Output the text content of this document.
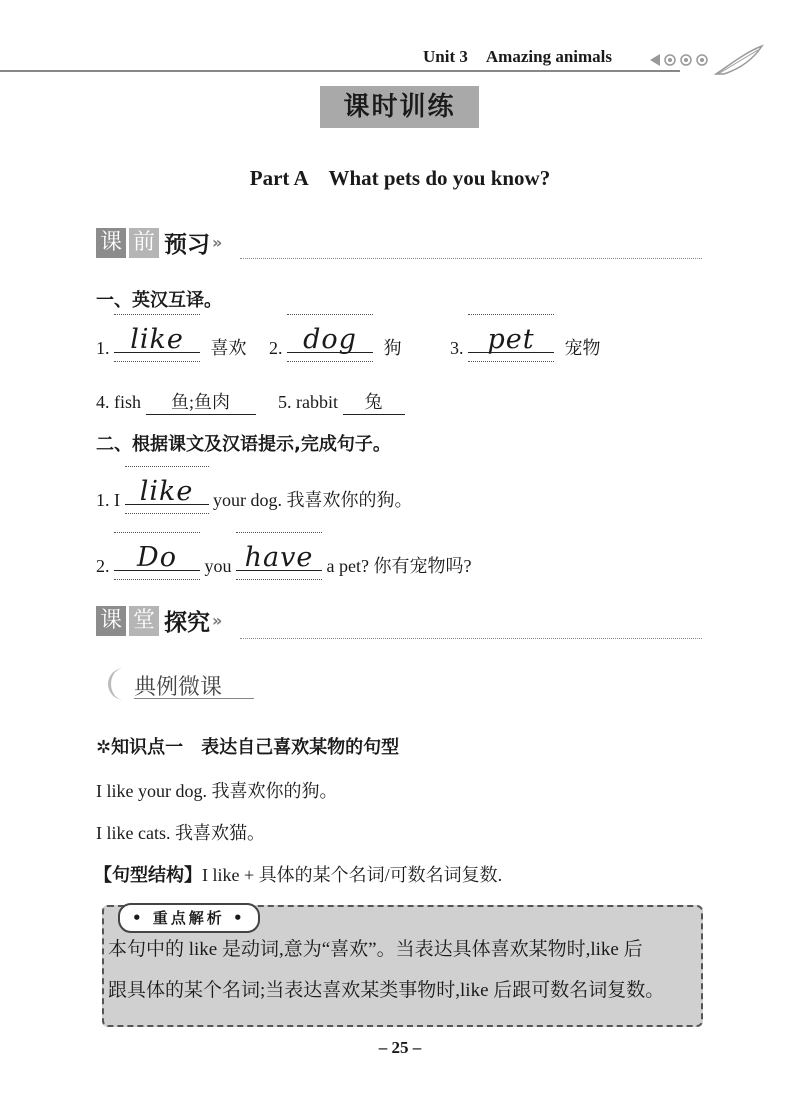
Unit 3 Amazing animals
课时训练
Part A　What pets do you know?
课 前 预习 »
一、英汉互译。
1. like 喜欢 2. dog 狗	3. pet 宠物
4. fish 鱼;鱼肉	5. rabbit 兔
二、根据课文及汉语提示,完成句子。
1. I like your dog. 我喜欢你的狗。
2. Do you have a pet? 你有宠物吗?
课 堂 探究 »
典例微课
✲知识点一　表达自己喜欢某物的句型
I like your dog. 我喜欢你的狗。
I like cats. 我喜欢猫。
【句型结构】I like + 具体的某个名词/可数名词复数.
• 重点解析 •
本句中的 like 是动词,意为“喜欢”。当表达具体喜欢某物时,like 后
跟具体的某个名词;当表达喜欢某类事物时,like 后跟可数名词复数。
– 25 –
